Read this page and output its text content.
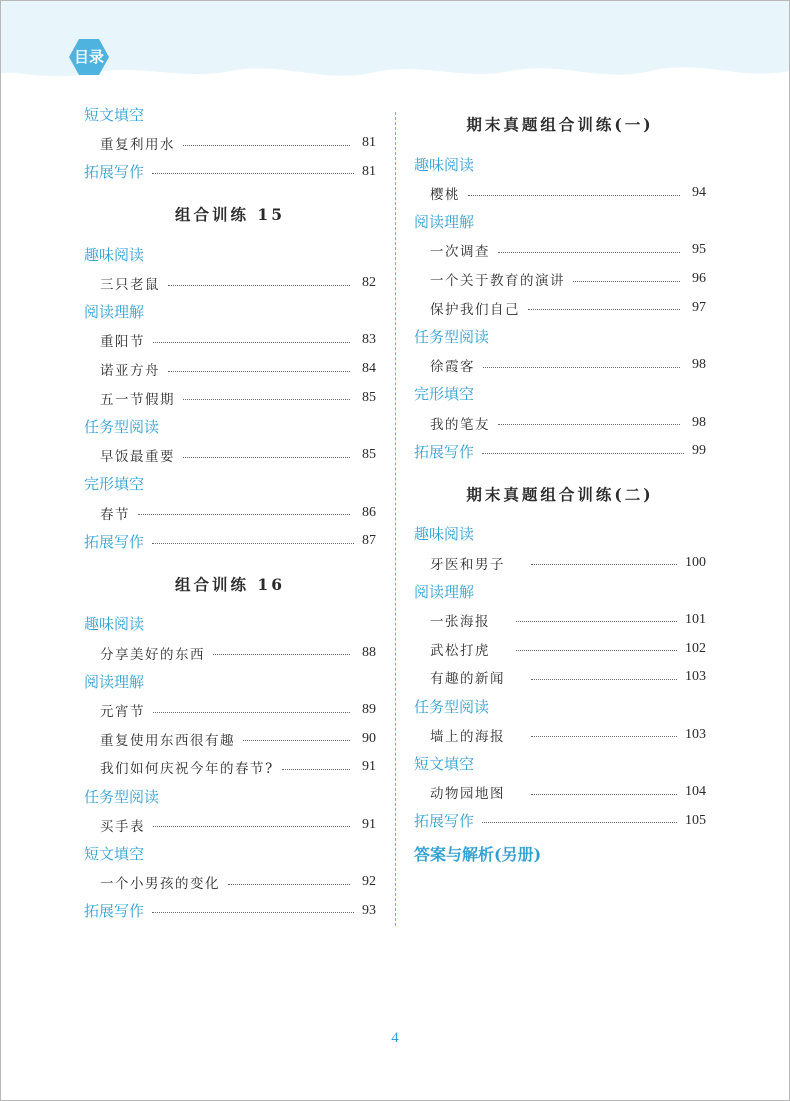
目录
短文填空
重复利用水	81
拓展写作	81
组合训练 15
趣味阅读
三只老鼠	82
阅读理解
重阳节	83
诺亚方舟	84
五一节假期	85
任务型阅读
早饭最重要	85
完形填空
春节	86
拓展写作	87
组合训练 16
趣味阅读
分享美好的东西	88
阅读理解
元宵节	89
重复使用东西很有趣	90
我们如何庆祝今年的春节?	91
任务型阅读
买手表	91
短文填空
一个小男孩的变化	92
拓展写作	93
期末真题组合训练(一)
趣味阅读
樱桃	94
阅读理解
一次调查	95
一个关于教育的演讲	96
保护我们自己	97
任务型阅读
徐霞客	98
完形填空
我的笔友	98
拓展写作	99
期末真题组合训练(二)
趣味阅读
牙医和男子	100
阅读理解
一张海报	101
武松打虎	102
有趣的新闻	103
任务型阅读
墙上的海报	103
短文填空
动物园地图	104
拓展写作	105
答案与解析(另册)
4
